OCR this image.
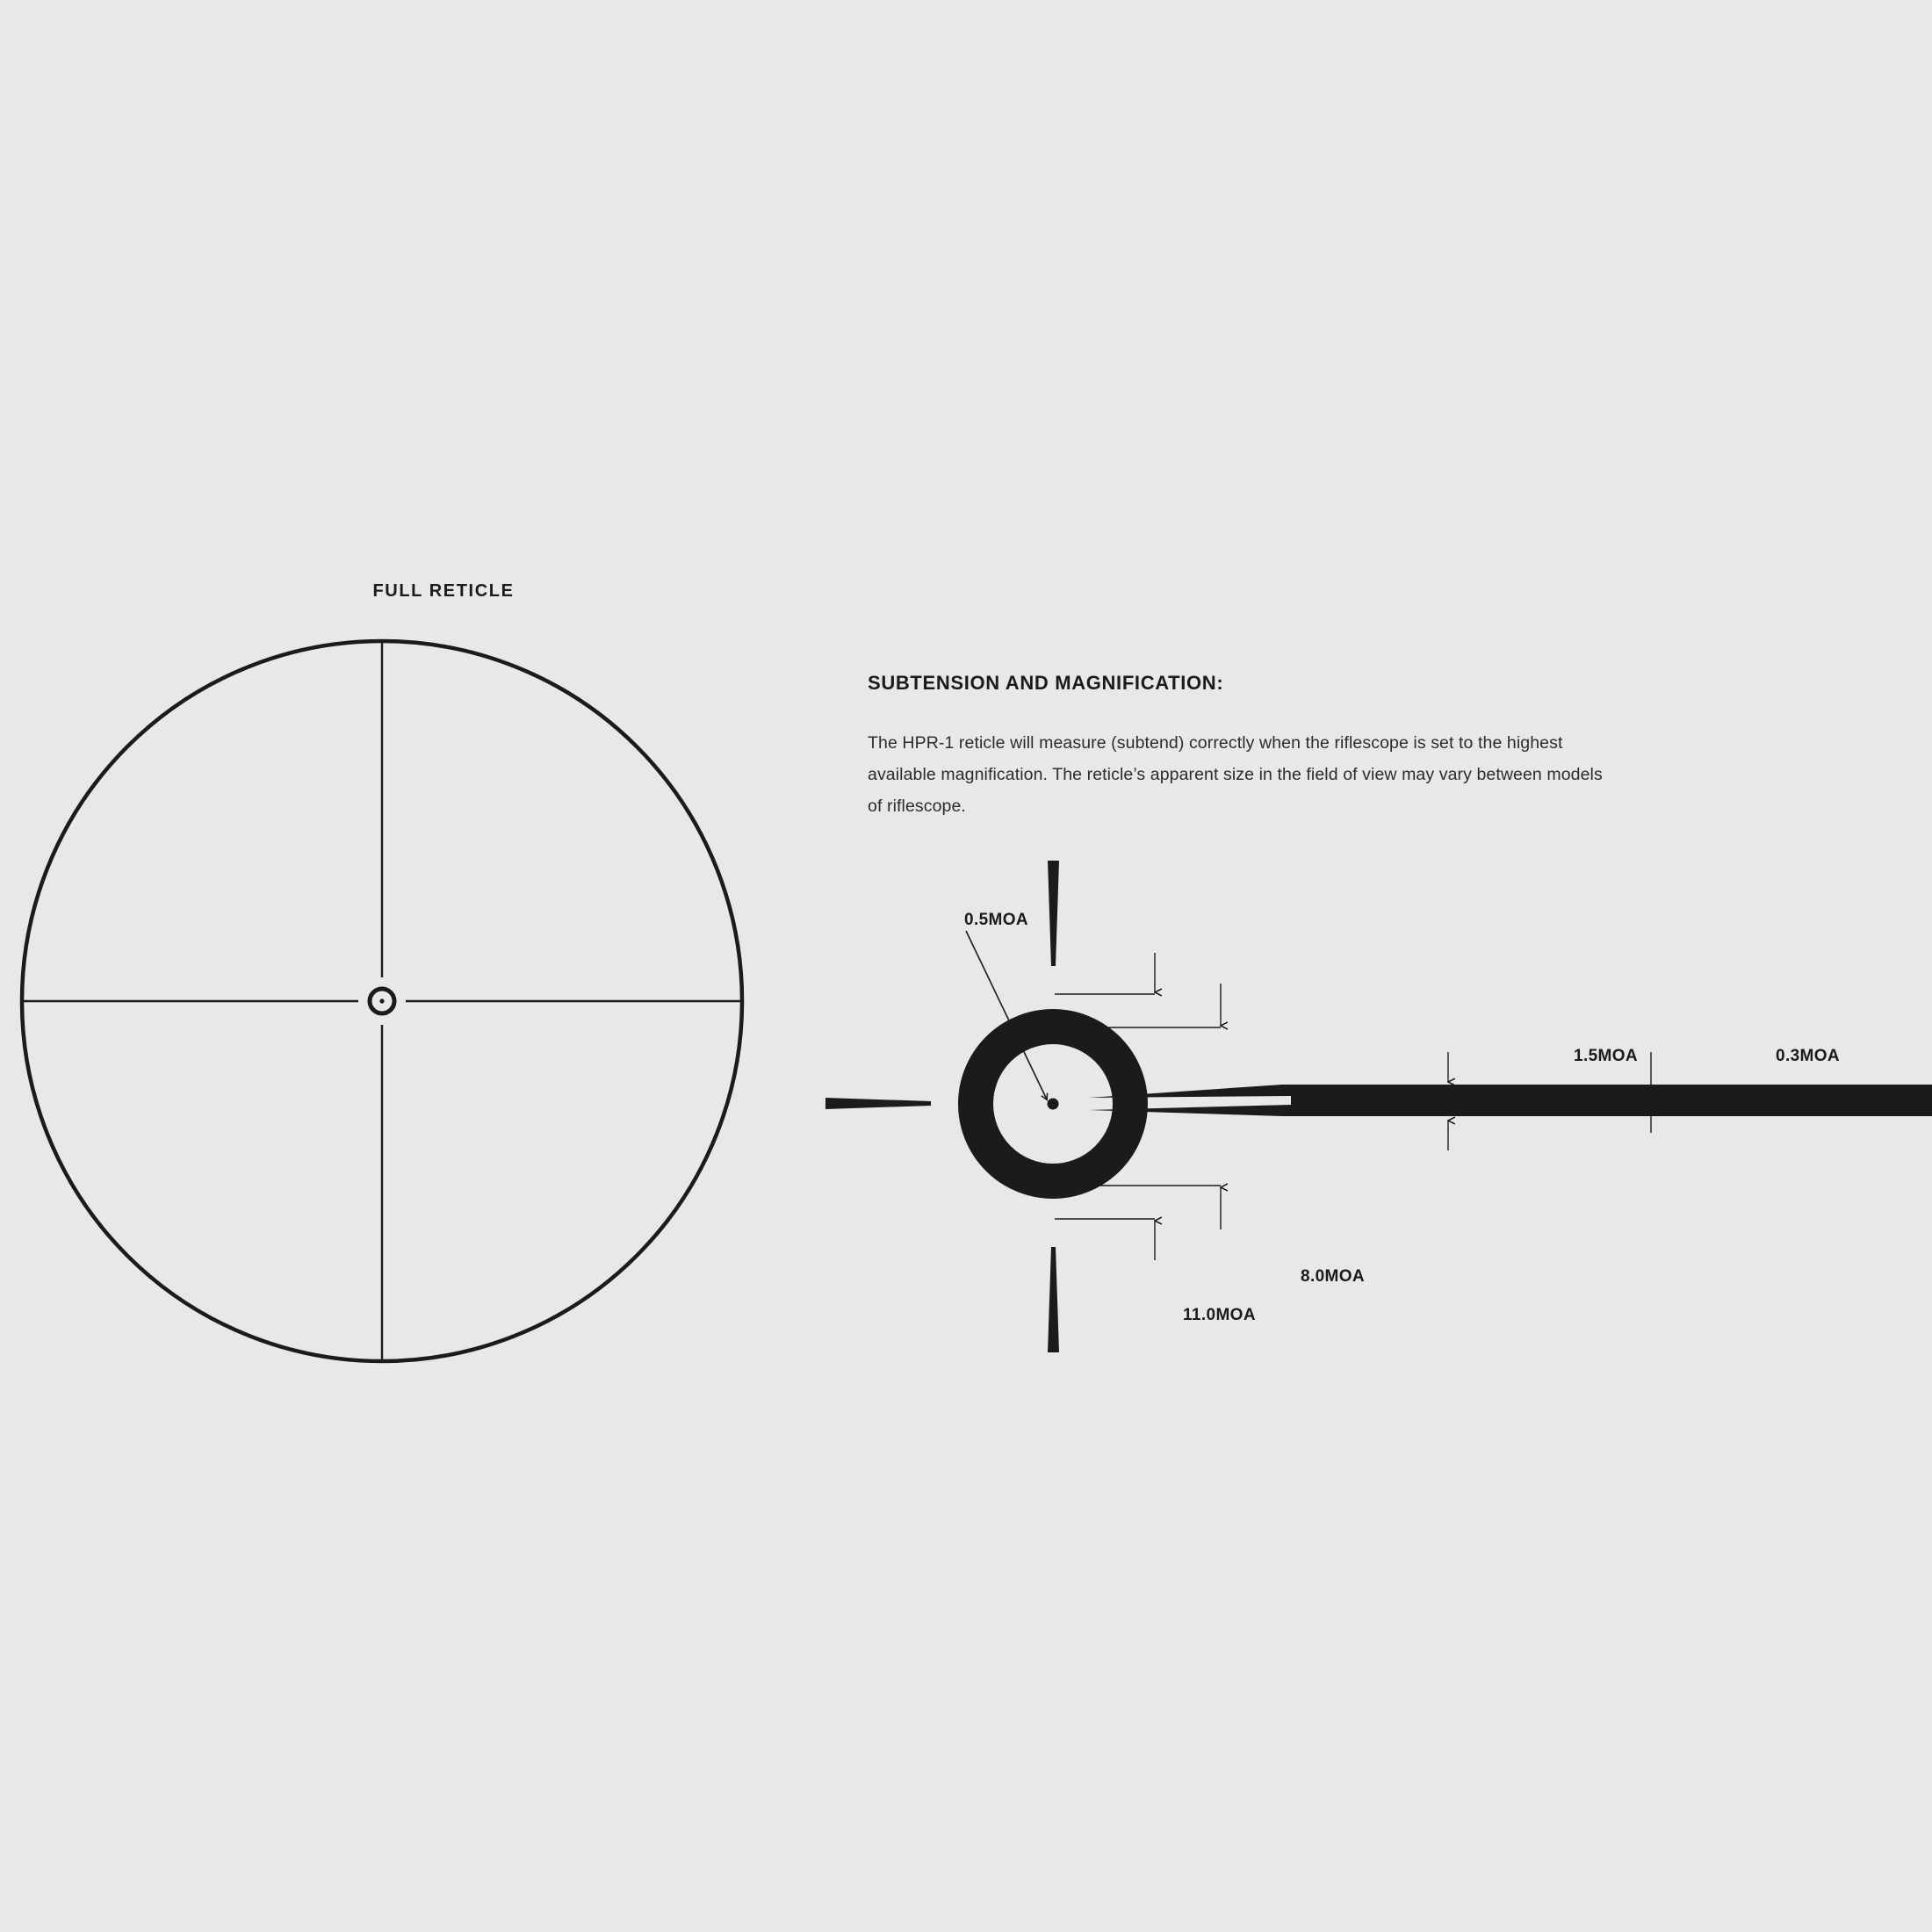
FULL RETICLE
SUBTENSION AND MAGNIFICATION:
The HPR-1 reticle will measure (subtend) correctly when the riflescope is set to the highest available magnification. The reticle’s apparent size in the field of view may vary between models of riflescope.
0.5MOA
11.0MOA
8.0MOA
1.5MOA	0.3MOA
